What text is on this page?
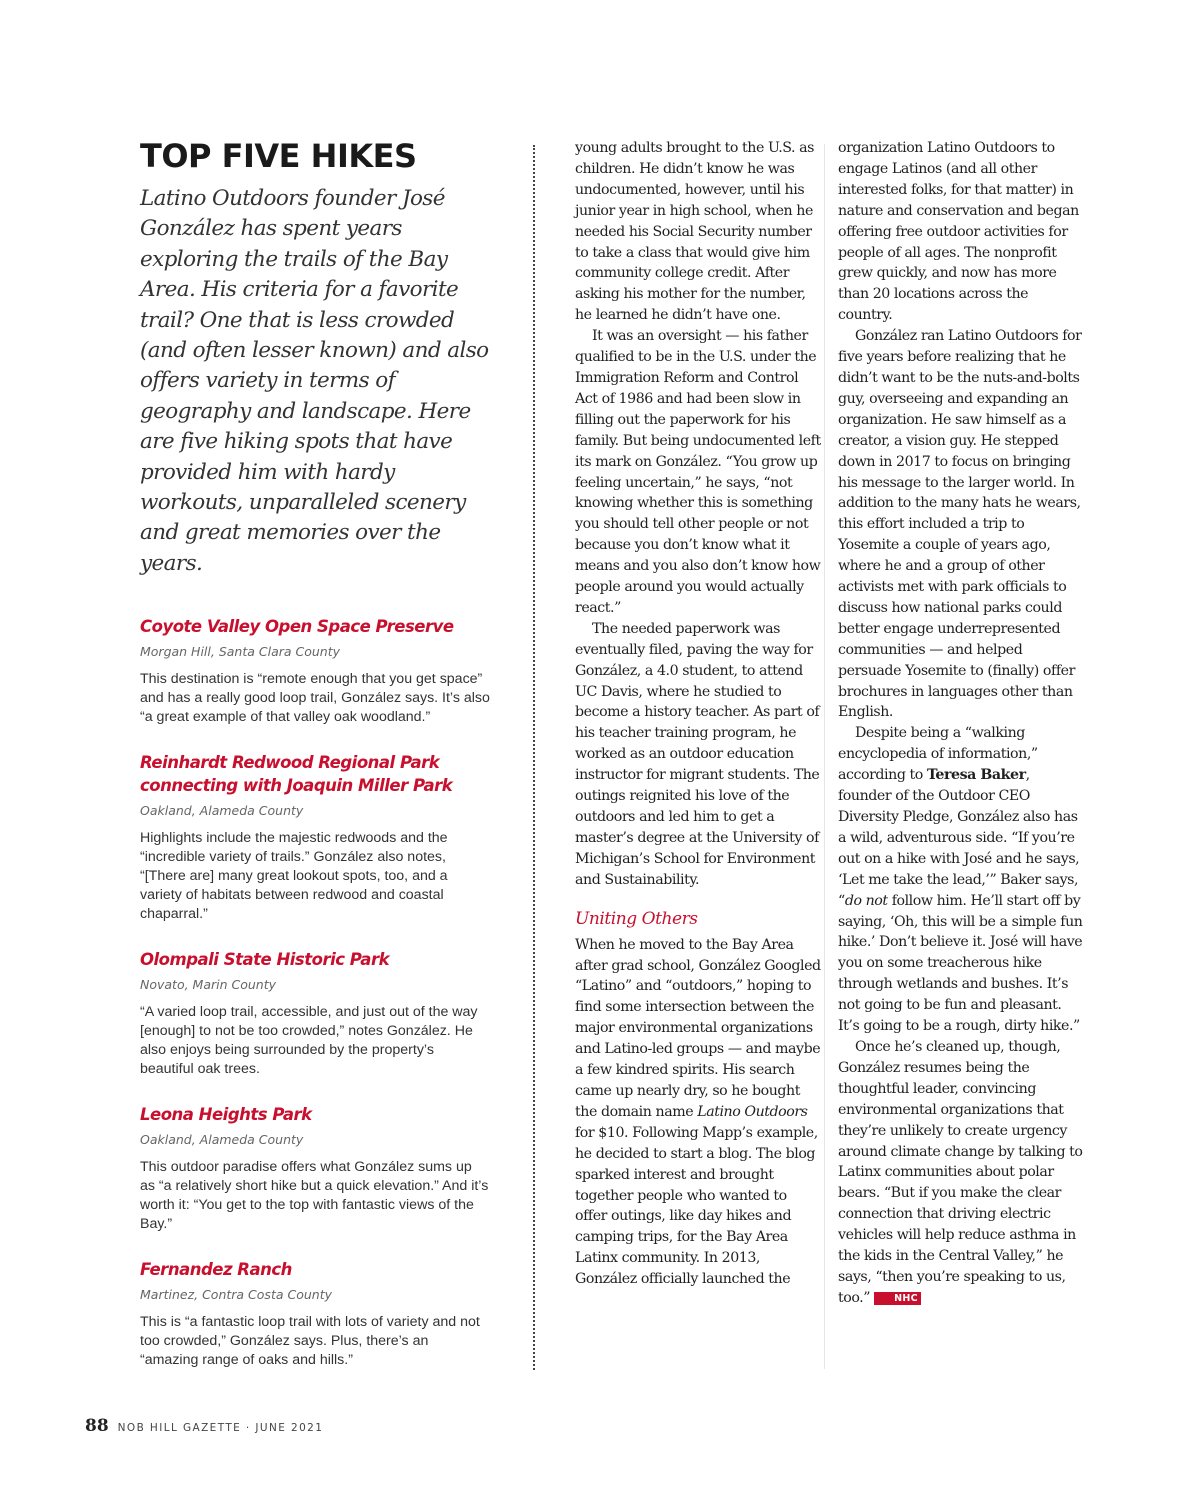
TOP FIVE HIKES

Latino Outdoors founder José González has spent years exploring the trails of the Bay Area. His criteria for a favorite trail? One that is less crowded (and often lesser known) and also offers variety in terms of geography and landscape. Here are five hiking spots that have provided him with hardy workouts, unparalleled scenery and great memories over the years.

Coyote Valley Open Space Preserve
Morgan Hill, Santa Clara County

This destination is “remote enough that you get space” and has a really good loop trail, González says. It’s also “a great example of that valley oak woodland.”

Reinhardt Redwood Regional Park connecting with Joaquin Miller Park
Oakland, Alameda County

Highlights include the majestic redwoods and the “incredible variety of trails.” González also notes, “[There are] many great lookout spots, too, and a variety of habitats between redwood and coastal chaparral.”

Olompali State Historic Park
Novato, Marin County

“A varied loop trail, accessible, and just out of the way [enough] to not be too crowded,” notes González. He also enjoys being surrounded by the property’s beautiful oak trees.

Leona Heights Park
Oakland, Alameda County

This outdoor paradise offers what González sums up as “a relatively short hike but a quick elevation.” And it’s worth it: “You get to the top with fantastic views of the Bay.”

Fernandez Ranch
Martinez, Contra Costa County

This is “a fantastic loop trail with lots of variety and not too crowded,” González says. Plus, there’s an “amazing range of oaks and hills.”

young adults brought to the U.S. as children. He didn’t know he was undocumented, however, until his junior year in high school, when he needed his Social Security number to take a class that would give him community college credit. After asking his mother for the number, he learned he didn’t have one.

It was an oversight — his father qualified to be in the U.S. under the Immigration Reform and Control Act of 1986 and had been slow in filling out the paperwork for his family. But being undocumented left its mark on González. “You grow up feeling uncertain,” he says, “not knowing whether this is something you should tell other people or not because you don’t know what it means and you also don’t know how people around you would actually react.”

The needed paperwork was eventually filed, paving the way for González, a 4.0 student, to attend UC Davis, where he studied to become a history teacher. As part of his teacher training program, he worked as an outdoor education instructor for migrant students. The outings reignited his love of the outdoors and led him to get a master’s degree at the University of Michigan’s School for Environment and Sustainability.

Uniting Others

When he moved to the Bay Area after grad school, González Googled “Latino” and “outdoors,” hoping to find some intersection between the major environmental organizations and Latino-led groups — and maybe a few kindred spirits. His search came up nearly dry, so he bought the domain name Latino Outdoors for $10. Following Mapp’s example, he decided to start a blog. The blog sparked interest and brought together people who wanted to offer outings, like day hikes and camping trips, for the Bay Area Latinx community. In 2013, González officially launched the

organization Latino Outdoors to engage Latinos (and all other interested folks, for that matter) in nature and conservation and began offering free outdoor activities for people of all ages. The nonprofit grew quickly, and now has more than 20 locations across the country.

González ran Latino Outdoors for five years before realizing that he didn’t want to be the nuts-and-bolts guy, overseeing and expanding an organization. He saw himself as a creator, a vision guy. He stepped down in 2017 to focus on bringing his message to the larger world. In addition to the many hats he wears, this effort included a trip to Yosemite a couple of years ago, where he and a group of other activists met with park officials to discuss how national parks could better engage underrepresented communities — and helped persuade Yosemite to (finally) offer brochures in languages other than English.

Despite being a “walking encyclopedia of information,” according to Teresa Baker, founder of the Outdoor CEO Diversity Pledge, González also has a wild, adventurous side. “If you’re out on a hike with José and he says, ‘Let me take the lead,’” Baker says, “do not follow him. He’ll start off by saying, ‘Oh, this will be a simple fun hike.’ Don’t believe it. José will have you on some treacherous hike through wetlands and bushes. It’s not going to be fun and pleasant. It’s going to be a rough, dirty hike.”

Once he’s cleaned up, though, González resumes being the thoughtful leader, convincing environmental organizations that they’re unlikely to create urgency around climate change by talking to Latinx communities about polar bears. “But if you make the clear connection that driving electric vehicles will help reduce asthma in the kids in the Central Valley,” he says, “then you’re speaking to us, too.”	NHC

88 NOB HILL GAZETTE · JUNE 2021
